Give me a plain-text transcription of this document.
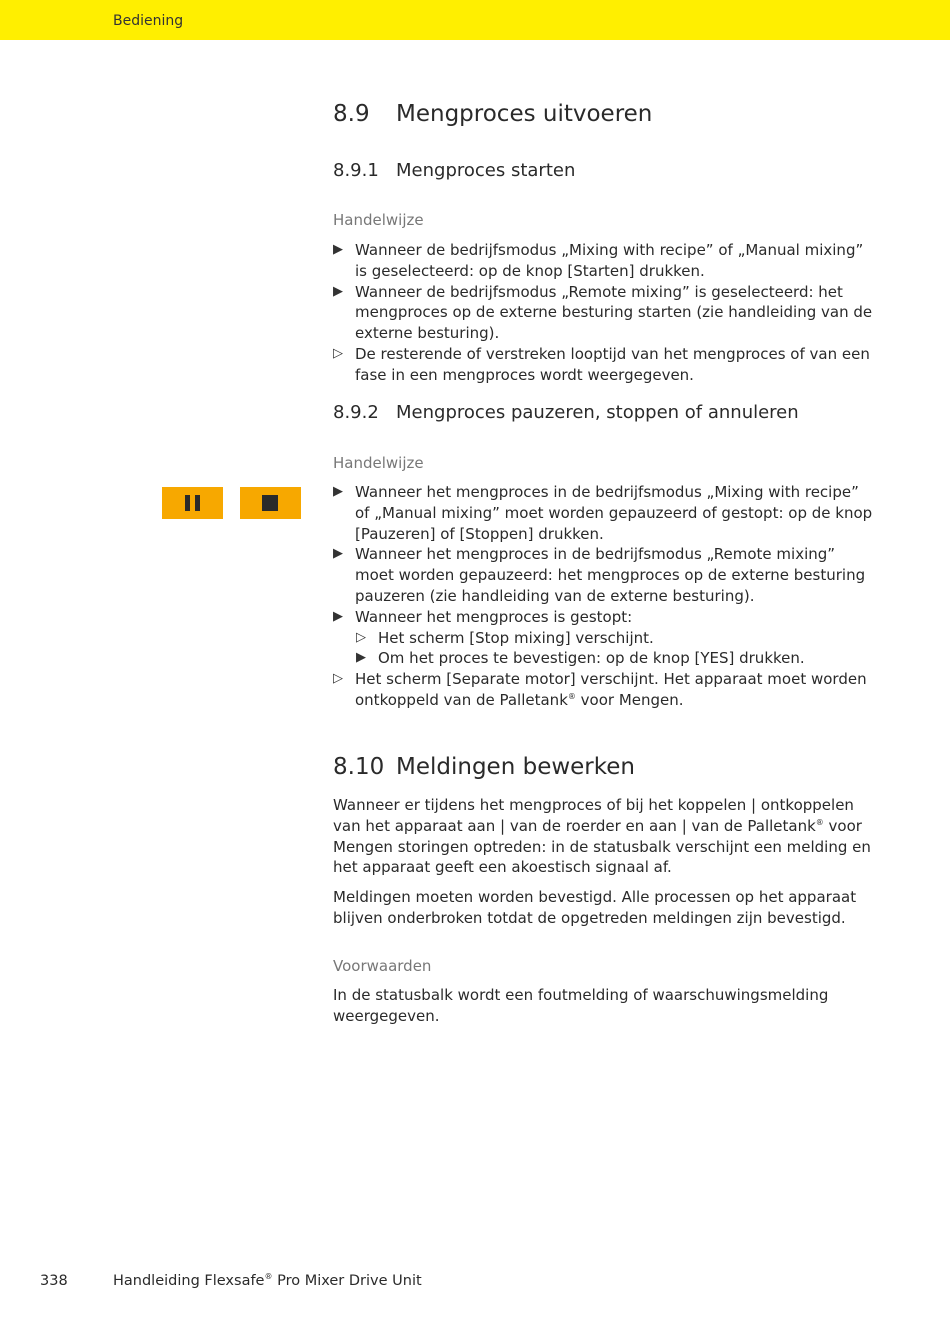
Bediening
8.9 Mengproces uitvoeren
8.9.1 Mengproces starten
Handelwijze
▶ Wanneer de bedrijfsmodus „Mixing with recipe” of „Manual mixing” is geselecteerd: op de knop [Starten] drukken.
▶ Wanneer de bedrijfsmodus „Remote mixing” is geselecteerd: het mengproces op de externe besturing starten (zie handleiding van de externe besturing).
▷ De resterende of verstreken looptijd van het mengproces of van een fase in een mengproces wordt weergegeven.
8.9.2 Mengproces pauzeren, stoppen of annuleren
Handelwijze
▶ Wanneer het mengproces in de bedrijfsmodus „Mixing with recipe” of „Manual mixing” moet worden gepauzeerd of gestopt: op de knop [Pauzeren] of [Stoppen] drukken.
▶ Wanneer het mengproces in de bedrijfsmodus „Remote mixing” moet worden gepauzeerd: het mengproces op de externe besturing pauzeren (zie handleiding van de externe besturing).
▶ Wanneer het mengproces is gestopt:
▷ Het scherm [Stop mixing] verschijnt.
▶ Om het proces te bevestigen: op de knop [YES] drukken.
▷ Het scherm [Separate motor] verschijnt. Het apparaat moet worden ontkoppeld van de Palletank® voor Mengen.
8.10 Meldingen bewerken
Wanneer er tijdens het mengproces of bij het koppelen | ontkoppelen van het apparaat aan | van de roerder en aan | van de Palletank® voor Mengen storingen optreden: in de statusbalk verschijnt een melding en het apparaat geeft een akoestisch signaal af.
Meldingen moeten worden bevestigd. Alle processen op het apparaat blijven onderbroken totdat de opgetreden meldingen zijn bevestigd.
Voorwaarden
In de statusbalk wordt een foutmelding of waarschuwingsmelding weergegeven.
338	Handleiding Flexsafe® Pro Mixer Drive Unit
